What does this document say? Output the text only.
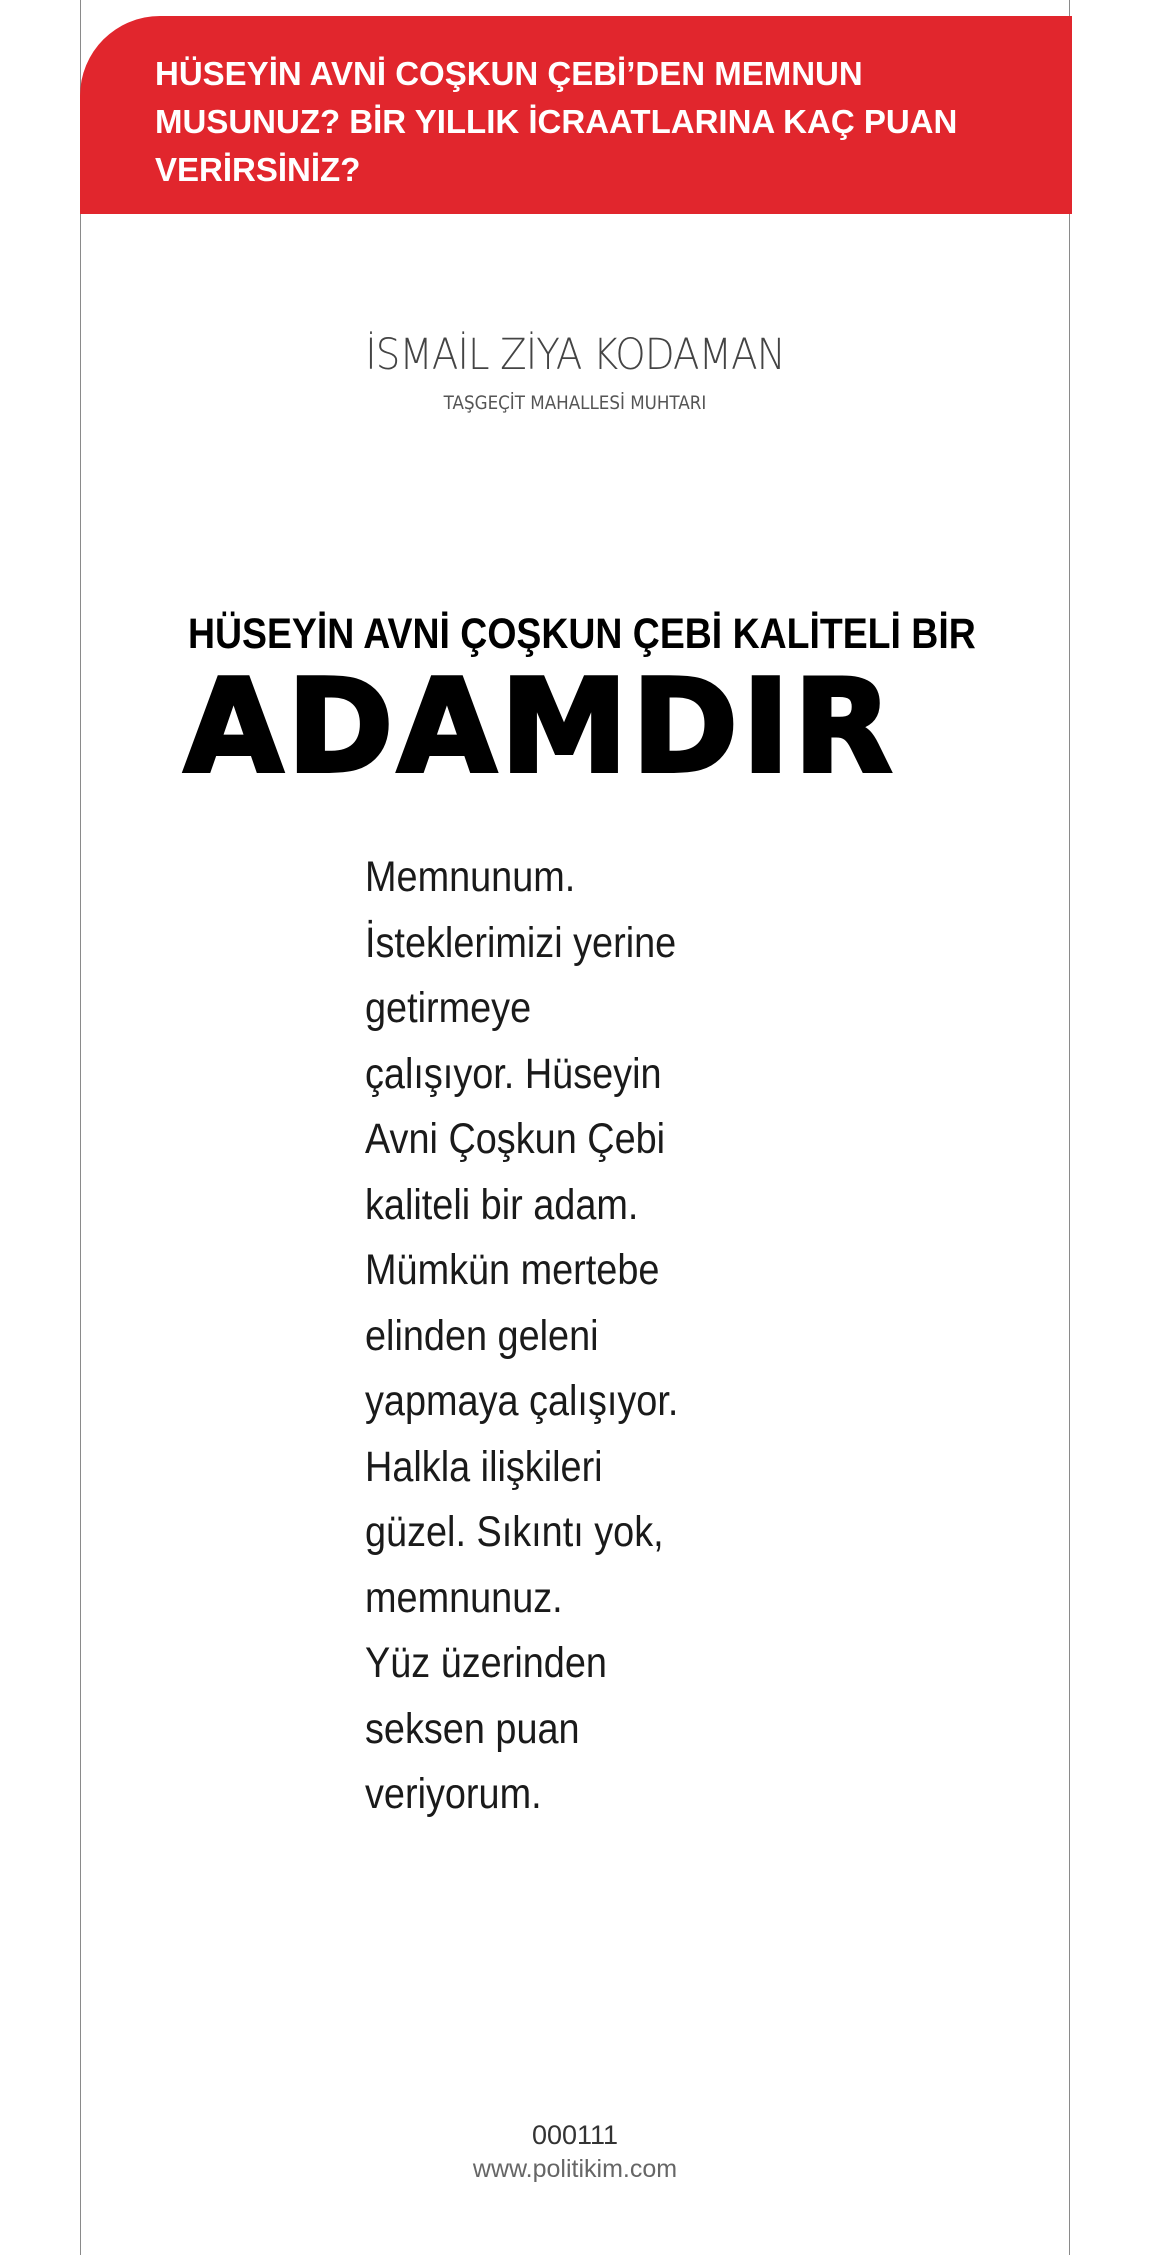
HÜSEYİN AVNİ COŞKUN ÇEBİ’DEN MEMNUN
MUSUNUZ? BİR YILLIK İCRAATLARINA KAÇ PUAN
VERİRSİNİZ?

İSMAİL ZİYA KODAMAN
TAŞGEÇİT MAHALLESİ MUHTARI
HÜSEYİN AVNİ ÇOŞKUN ÇEBİ KALİTELİ BİR
ADAMDIR
Memnunum.
İsteklerimizi yerine
getirmeye
çalışıyor. Hüseyin
Avni Çoşkun Çebi
kaliteli bir adam.
Mümkün mertebe
elinden geleni
yapmaya çalışıyor.
Halkla ilişkileri
güzel. Sıkıntı yok,
memnunuz.
Yüz üzerinden
seksen puan
veriyorum.
000111
www.politikim.com
